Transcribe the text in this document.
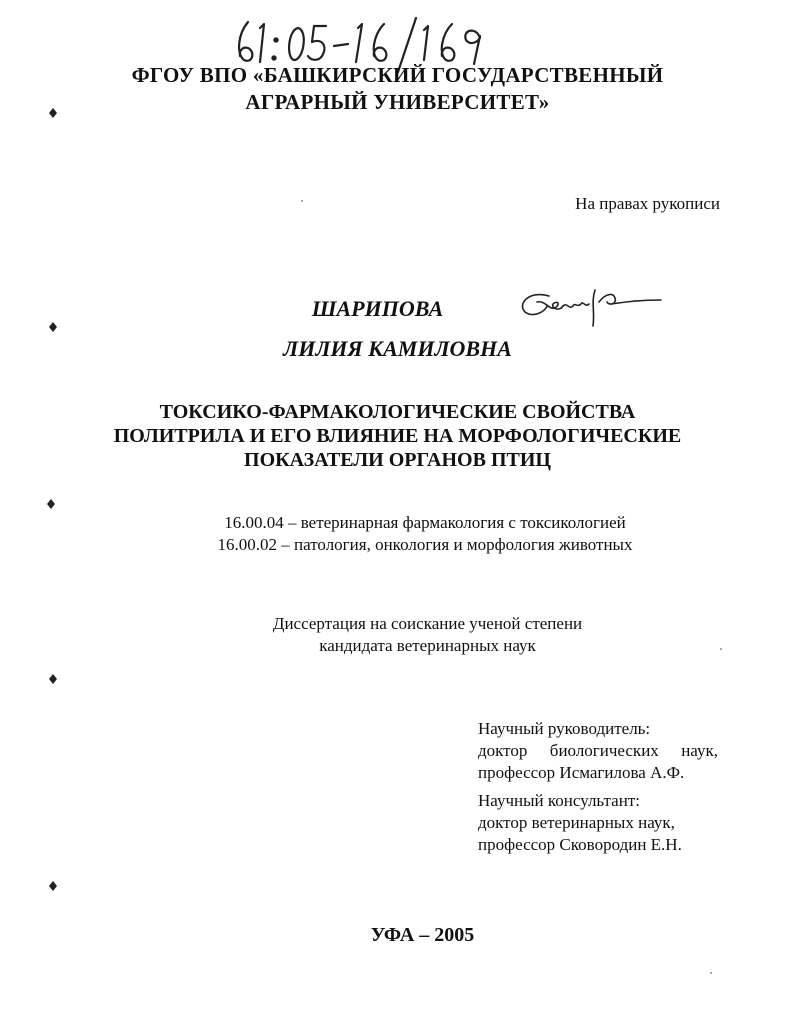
ФГОУ ВПО «БАШКИРСКИЙ ГОСУДАРСТВЕННЫЙ
АГРАРНЫЙ УНИВЕРСИТЕТ»
На правах рукописи
ШАРИПОВА
ЛИЛИЯ КАМИЛОВНА
ТОКСИКО-ФАРМАКОЛОГИЧЕСКИЕ СВОЙСТВА
ПОЛИТРИЛА И ЕГО ВЛИЯНИЕ НА МОРФОЛОГИЧЕСКИЕ
ПОКАЗАТЕЛИ ОРГАНОВ ПТИЦ
16.00.04 – ветеринарная фармакология с токсикологией
16.00.02 – патология, онкология и морфология животных
Диссертация на соискание ученой степени
кандидата ветеринарных наук
Научный руководитель:
доктор биологических наук,
профессор Исмагилова А.Ф.
Научный консультант:
доктор ветеринарных наук,
профессор Сковородин Е.Н.
УФА – 2005
